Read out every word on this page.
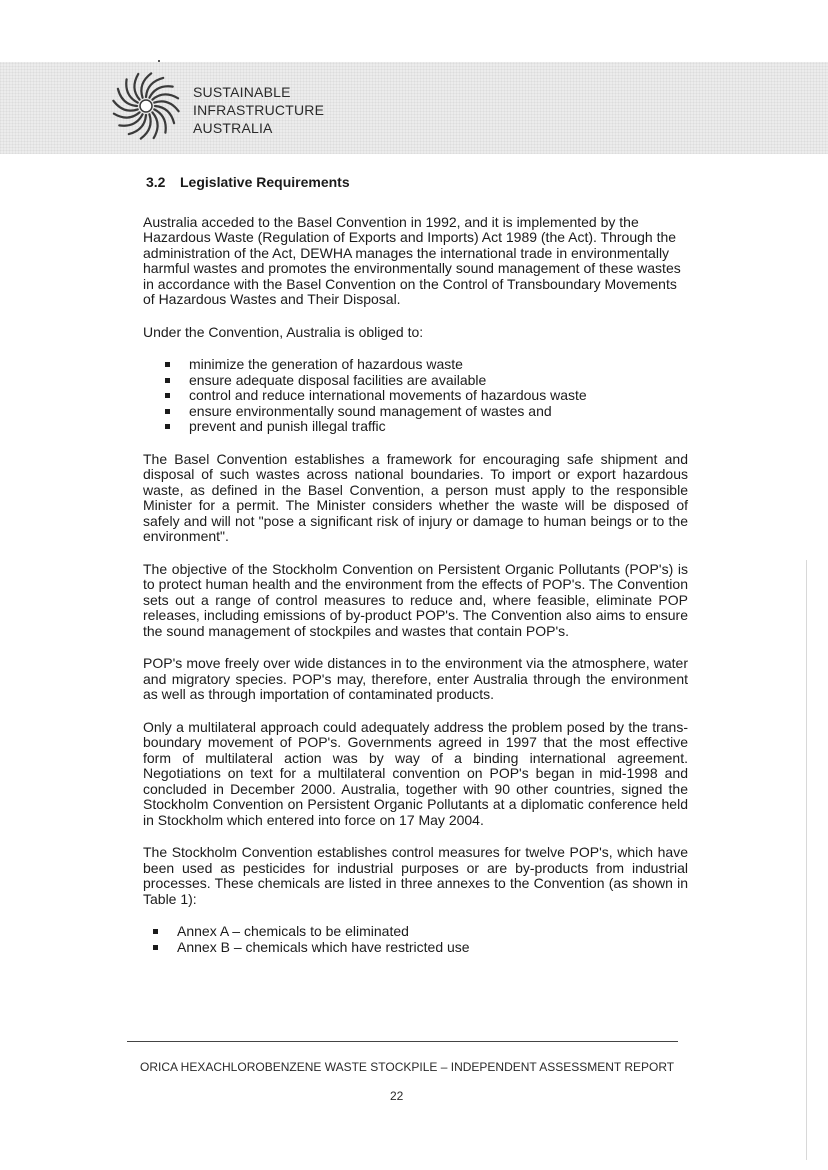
SUSTAINABLE
INFRASTRUCTURE
AUSTRALIA
3.2 Legislative Requirements

Australia acceded to the Basel Convention in 1992, and it is implemented by the Hazardous Waste (Regulation of Exports and Imports) Act 1989 (the Act). Through the administration of the Act, DEWHA manages the international trade in environmentally harmful wastes and promotes the environmentally sound management of these wastes in accordance with the Basel Convention on the Control of Transboundary Movements of Hazardous Wastes and Their Disposal.

Under the Convention, Australia is obliged to:

minimize the generation of hazardous waste
ensure adequate disposal facilities are available
control and reduce international movements of hazardous waste
ensure environmentally sound management of wastes and
prevent and punish illegal traffic

The Basel Convention establishes a framework for encouraging safe shipment and disposal of such wastes across national boundaries. To import or export hazardous waste, as defined in the Basel Convention, a person must apply to the responsible Minister for a permit. The Minister considers whether the waste will be disposed of safely and will not "pose a significant risk of injury or damage to human beings or to the environment".

The objective of the Stockholm Convention on Persistent Organic Pollutants (POP's) is to protect human health and the environment from the effects of POP's. The Convention sets out a range of control measures to reduce and, where feasible, eliminate POP releases, including emissions of by-product POP's. The Convention also aims to ensure the sound management of stockpiles and wastes that contain POP's.

POP's move freely over wide distances in to the environment via the atmosphere, water and migratory species. POP's may, therefore, enter Australia through the environment as well as through importation of contaminated products.

Only a multilateral approach could adequately address the problem posed by the trans-boundary movement of POP's. Governments agreed in 1997 that the most effective form of multilateral action was by way of a binding international agreement. Negotiations on text for a multilateral convention on POP's began in mid-1998 and concluded in December 2000. Australia, together with 90 other countries, signed the Stockholm Convention on Persistent Organic Pollutants at a diplomatic conference held in Stockholm which entered into force on 17 May 2004.

The Stockholm Convention establishes control measures for twelve POP's, which have been used as pesticides for industrial purposes or are by-products from industrial processes. These chemicals are listed in three annexes to the Convention (as shown in Table 1):

Annex A – chemicals to be eliminated
Annex B – chemicals which have restricted use
ORICA HEXACHLOROBENZENE WASTE STOCKPILE – INDEPENDENT ASSESSMENT REPORT
22
